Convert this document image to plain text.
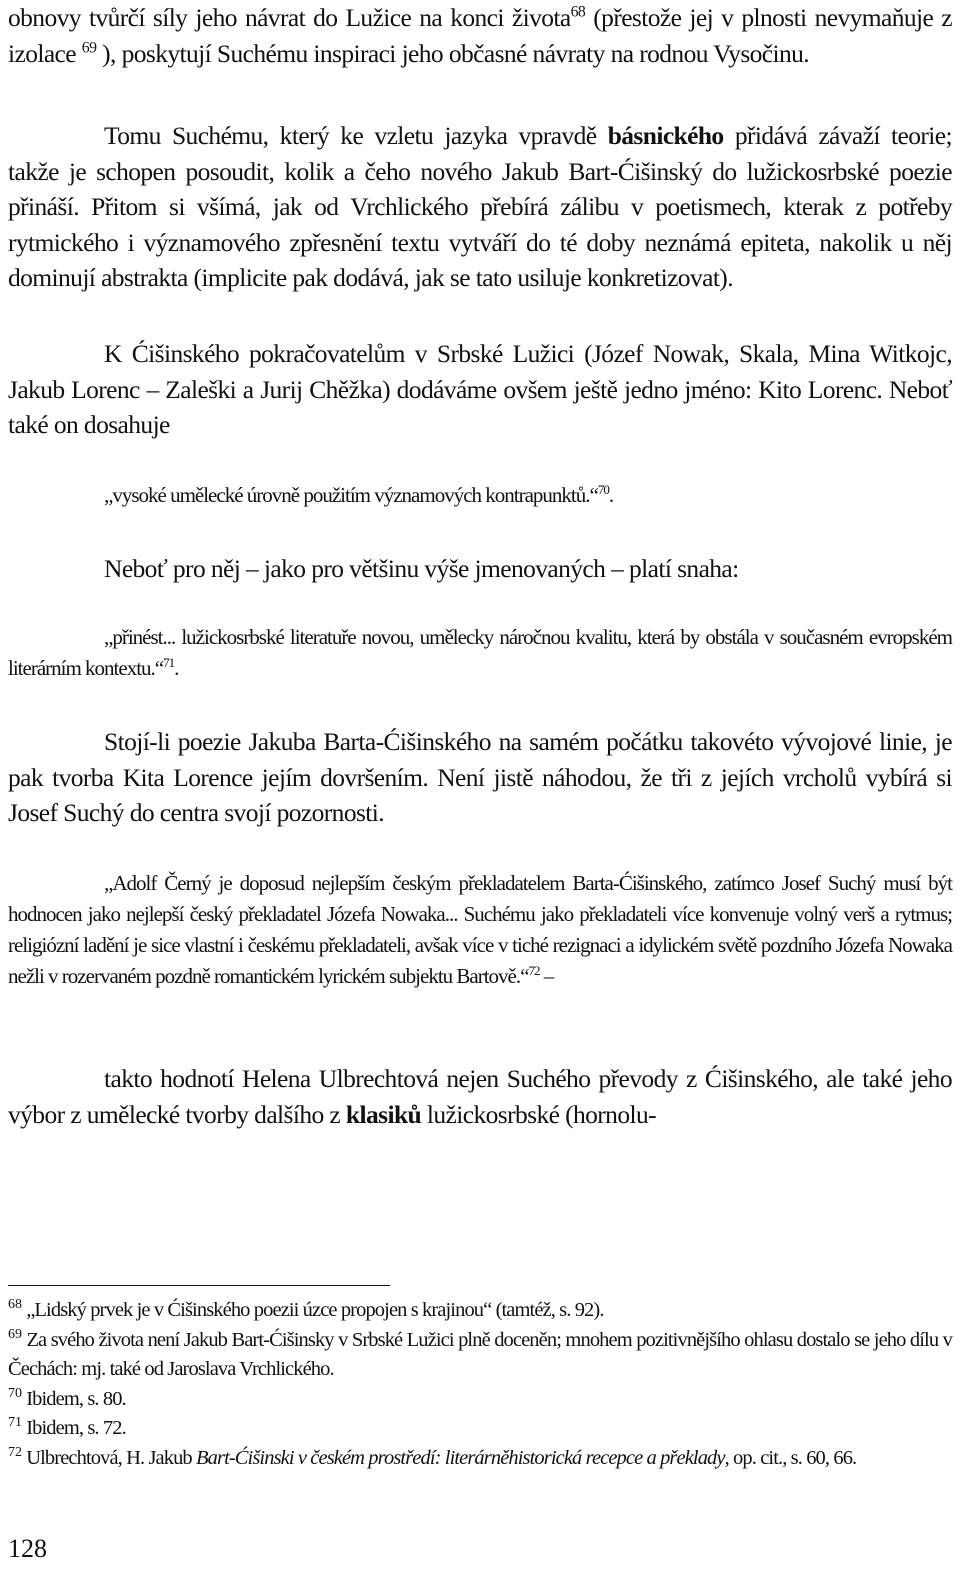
obnovy tvůrčí síly jeho návrat do Lužice na konci života$^{68}$ (přestože jej v plnosti nevymaňuje z izolace $^{69}$ ), poskytují Suchému inspiraci jeho občasné návraty na rodnou Vysočinu.

Tomu Suchému, který ke vzletu jazyka vpravdě básnického přidává závaží teorie; takže je schopen posoudit, kolik a čeho nového Jakub Bart-Ćišinský do lužickosrbské poezie přináší. Přitom si všímá, jak od Vrchlického přebírá zálibu v poetismech, kterak z potřeby rytmického i významového zpřesnění textu vytváří do té doby neznámá epiteta, nakolik u něj dominují abstrakta (implicite pak dodává, jak se tato usiluje konkretizovat).

K Ćišinského pokračovatelům v Srbské Lužici (Józef Nowak, Skala, Mina Witkojc, Jakub Lorenc – Zaleški a Jurij Chěžka) dodáváme ovšem ještě jedno jméno: Kito Lorenc. Neboť také on dosahuje

„vysoké umělecké úrovně použitím významových kontrapunktů.“$^{70}$.

Neboť pro něj – jako pro většinu výše jmenovaných – platí snaha:

„přinést... lužickosrbské literatuře novou, umělecky náročnou kvalitu, která by obstála v současném evropském literárním kontextu.“$^{71}$.

Stojí-li poezie Jakuba Barta-Ćišinského na samém počátku takovéto vývojové linie, je pak tvorba Kita Lorence jejím dovršením. Není jistě náhodou, že tři z jejích vrcholů vybírá si Josef Suchý do centra svojí pozornosti.

„Adolf Černý je doposud nejlepším českým překladatelem Barta-Ćišinského, zatímco Josef Suchý musí být hodnocen jako nejlepší český překladatel Józefa Nowaka... Suchému jako překladateli více konvenuje volný verš a rytmus; religiózní ladění je sice vlastní i českému překladateli, avšak více v tiché rezignaci a idylickém světě pozdního Józefa Nowaka nežli v rozervaném pozdně romantickém lyrickém subjektu Bartově.“$^{72}$ –

takto hodnotí Helena Ulbrechtová nejen Suchého převody z Ćišinského, ale také jeho výbor z umělecké tvorby dalšího z klasiků lužickosrbské (hornolu-

$^{68}$ „Lidský prvek je v Ćišinského poezii úzce propojen s krajinou“ (tamtéž, s. 92).

$^{69}$ Za svého života není Jakub Bart-Ćišinsky v Srbské Lužici plně doceněn; mnohem pozitivnějšího ohlasu dostalo se jeho dílu v Čechách: mj. také od Jaroslava Vrchlického.

$^{70}$ Ibidem, s. 80.

$^{71}$ Ibidem, s. 72.

$^{72}$ Ulbrechtová, H. Jakub Bart-Ćišinski v českém prostředí: literárněhistorická recepce a překlady, op. cit., s. 60, 66.

128
